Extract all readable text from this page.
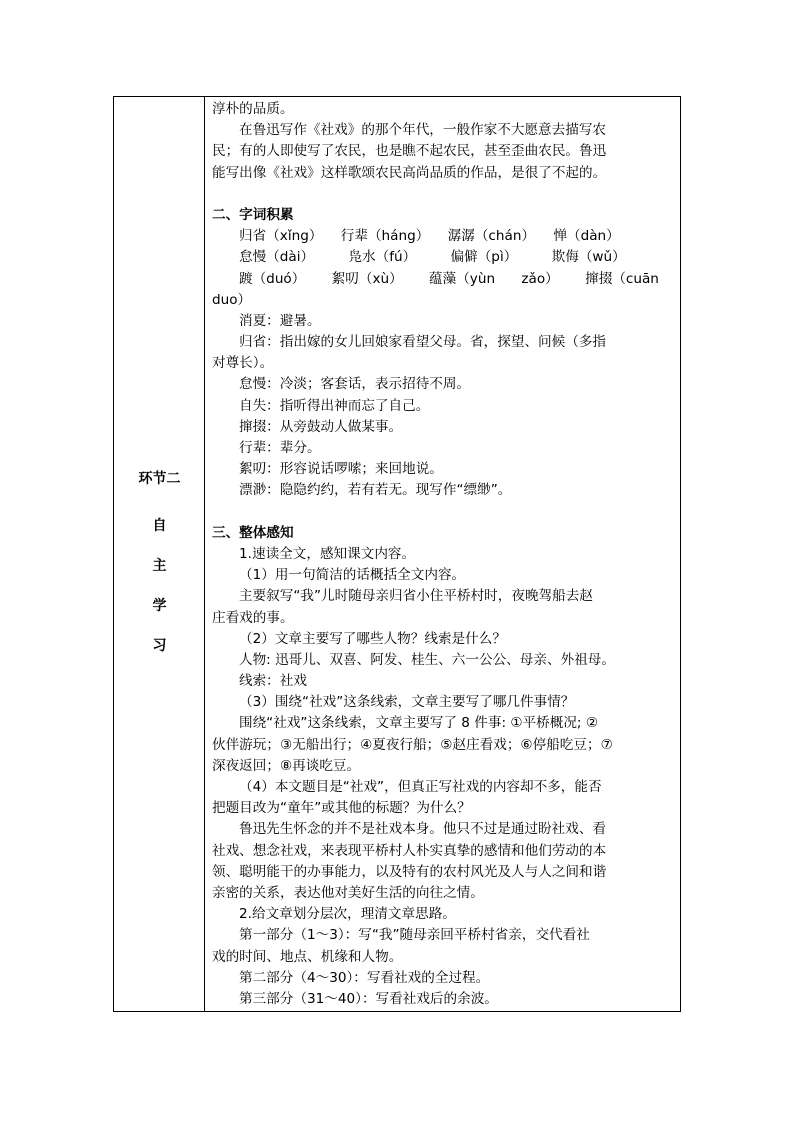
环节二
自
主
学
习
淳朴的品质。
在鲁迅写作《社戏》的那个年代，一般作家不大愿意去描写农
民；有的人即使写了农民，也是瞧不起农民，甚至歪曲农民。鲁迅
能写出像《社戏》这样歌颂农民高尚品质的作品，是很了不起的。
二、字词积累
归省（xǐng） 行辈（háng） 潺潺（chán） 惮（dàn）
怠慢（dài） 凫水（fú） 偏僻（pì） 欺侮（wǔ）
踱（duó） 絮叨（xù） 蕴藻（yùn zǎo） 撺掇（cuān
duo）
消夏：避暑。
归省：指出嫁的女儿回娘家看望父母。省，探望、问候（多指
对尊长）。
怠慢：冷淡；客套话，表示招待不周。
自失：指听得出神而忘了自己。
撺掇：从旁鼓动人做某事。
行辈：辈分。
絮叨：形容说话啰嗦；来回地说。
漂渺：隐隐约约，若有若无。现写作“缥缈”。
三、整体感知
1.速读全文，感知课文内容。
（1）用一句简洁的话概括全文内容。
主要叙写“我”儿时随母亲归省小住平桥村时，夜晚驾船去赵
庄看戏的事。
（2）文章主要写了哪些人物？线索是什么？
人物: 迅哥儿、双喜、阿发、桂生、六一公公、母亲、外祖母。
线索：社戏
（3）围绕“社戏”这条线索，文章主要写了哪几件事情？
围绕“社戏”这条线索，文章主要写了 8 件事: ①平桥概况; ②
伙伴游玩；③无船出行；④夏夜行船；⑤赵庄看戏；⑥停船吃豆；⑦
深夜返回；⑧再谈吃豆。
（4）本文题目是“社戏”，但真正写社戏的内容却不多，能否
把题目改为“童年”或其他的标题？为什么？
鲁迅先生怀念的并不是社戏本身。他只不过是通过盼社戏、看
社戏、想念社戏，来表现平桥村人朴实真挚的感情和他们劳动的本
领、聪明能干的办事能力，以及特有的农村风光及人与人之间和谐
亲密的关系，表达他对美好生活的向往之情。
2.给文章划分层次，理清文章思路。
第一部分（1～3）：写“我”随母亲回平桥村省亲，交代看社
戏的时间、地点、机缘和人物。
第二部分（4～30）：写看社戏的全过程。
第三部分（31～40）：写看社戏后的余波。
